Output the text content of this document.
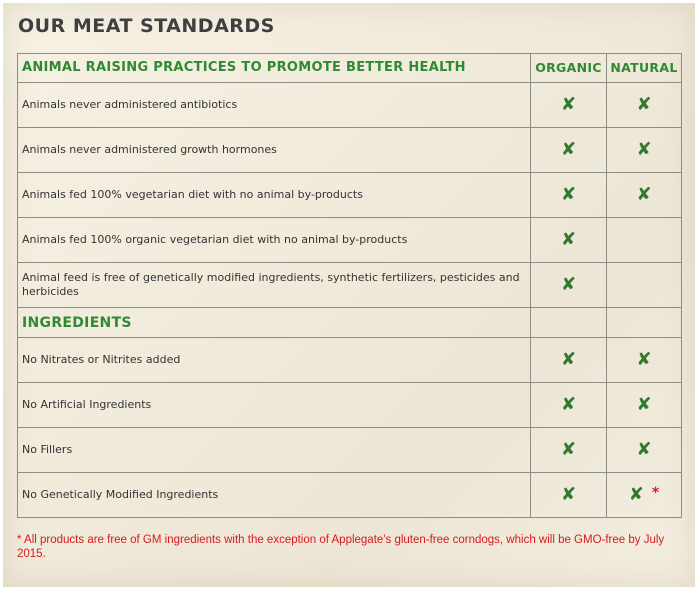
OUR MEAT STANDARDS
ANIMAL RAISING PRACTICES TO PROMOTE BETTER HEALTH	ORGANIC	NATURAL
Animals never administered antibiotics	✘	✘
Animals never administered growth hormones	✘	✘
Animals fed 100% vegetarian diet with no animal by-products	✘	✘
Animals fed 100% organic vegetarian diet with no animal by-products	✘	
Animal feed is free of genetically modified ingredients, synthetic fertilizers, pesticides and herbicides	✘	
INGREDIENTS		
No Nitrates or Nitrites added	✘	✘
No Artificial Ingredients	✘	✘
No Fillers	✘	✘
No Genetically Modified Ingredients	✘	✘ *
* All products are free of GM ingredients with the exception of Applegate's gluten-free corndogs, which will be GMO-free by July 2015.
